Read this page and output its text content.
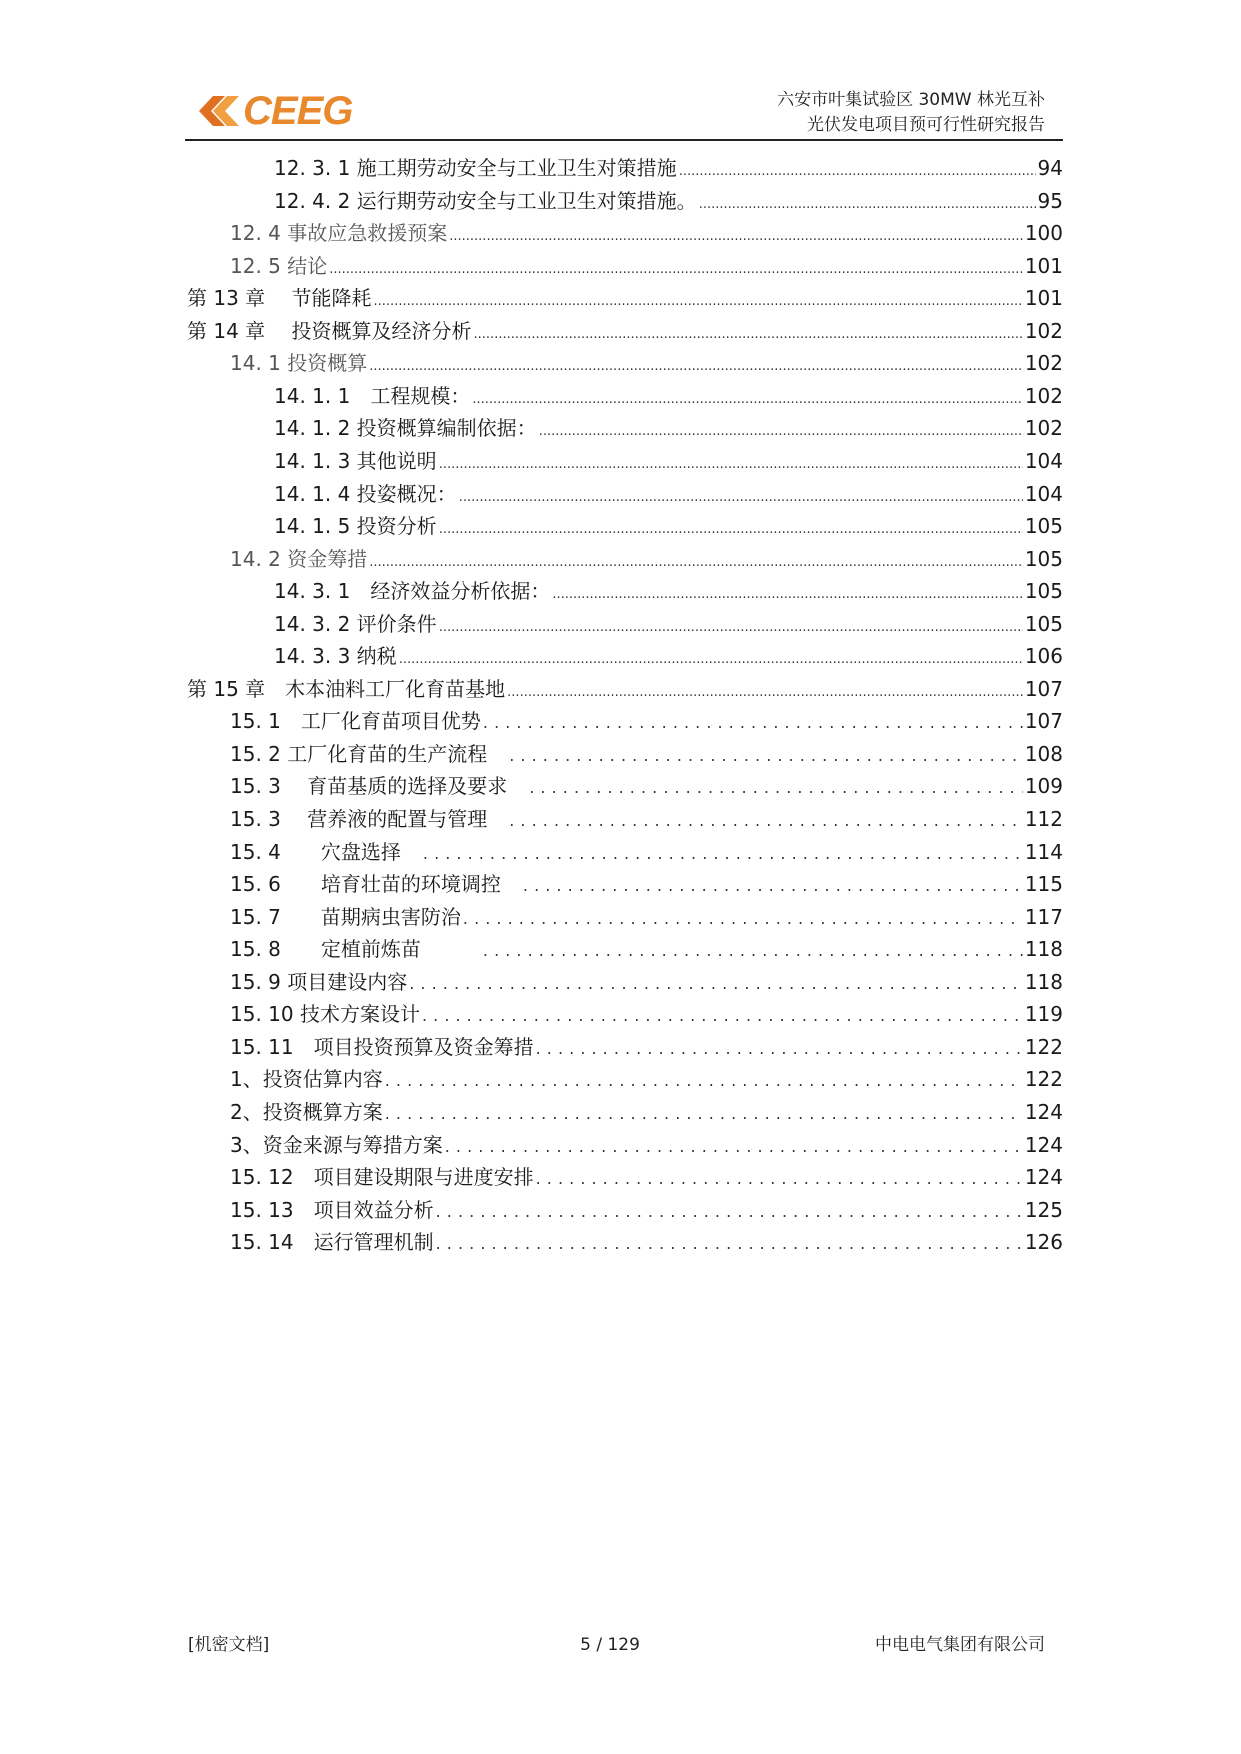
CEEG	六安市叶集试验区 30MW 林光互补
光伏发电项目预可行性研究报告
12. 3. 1 施工期劳动安全与工业卫生对策措施 .....	94
12. 4. 2 运行期劳动安全与工业卫生对策措施。 .....	95
12. 4 事故应急救援预案 .....	100
12. 5 结论 .....	101
第 13 章　 节能降耗 .....	101
第 14 章　 投资概算及经济分析 .....	102
14. 1 投资概算 .....	102
14. 1. 1　工程规模： .....	102
14. 1. 2 投资概算编制依据： .....	102
14. 1. 3 其他说明 .....	104
14. 1. 4 投姿概况： .....	104
14. 1. 5 投资分析 .....	105
14. 2 资金筹措 .....	105
14. 3. 1　经济效益分析依据： .....	105
14. 3. 2 评价条件 .....	105
14. 3. 3 纳税 .....	106
第 15 章　木本油料工厂化育苗基地 .....	107
15. 1　工厂化育苗项目优势 . . .	107
15. 2 工厂化育苗的生产流程　 . . .	108
15. 3　 育苗基质的选择及要求　 . . .	109
15. 3　 营养液的配置与管理　 . . .	112
15. 4　　穴盘选择　 . . .	114
15. 6　　培育壮苗的环境调控　 . . .	115
15. 7　　苗期病虫害防治 . . .	117
15. 8　　定植前炼苗　　　 . . .	118
15. 9 项目建设内容 . . .	118
15. 10 技术方案设计 . . .	119
15. 11　项目投资预算及资金筹措 . . .	122
1、投资估算内容 . . .	122
2、投资概算方案 . . .	124
3、资金来源与筹措方案 . . .	124
15. 12　项目建设期限与进度安排 . . .	124
15. 13　项目效益分析 . . .	125
15. 14　运行管理机制 . . .	126
[机密文档]	5 / 129	中电电气集团有限公司
